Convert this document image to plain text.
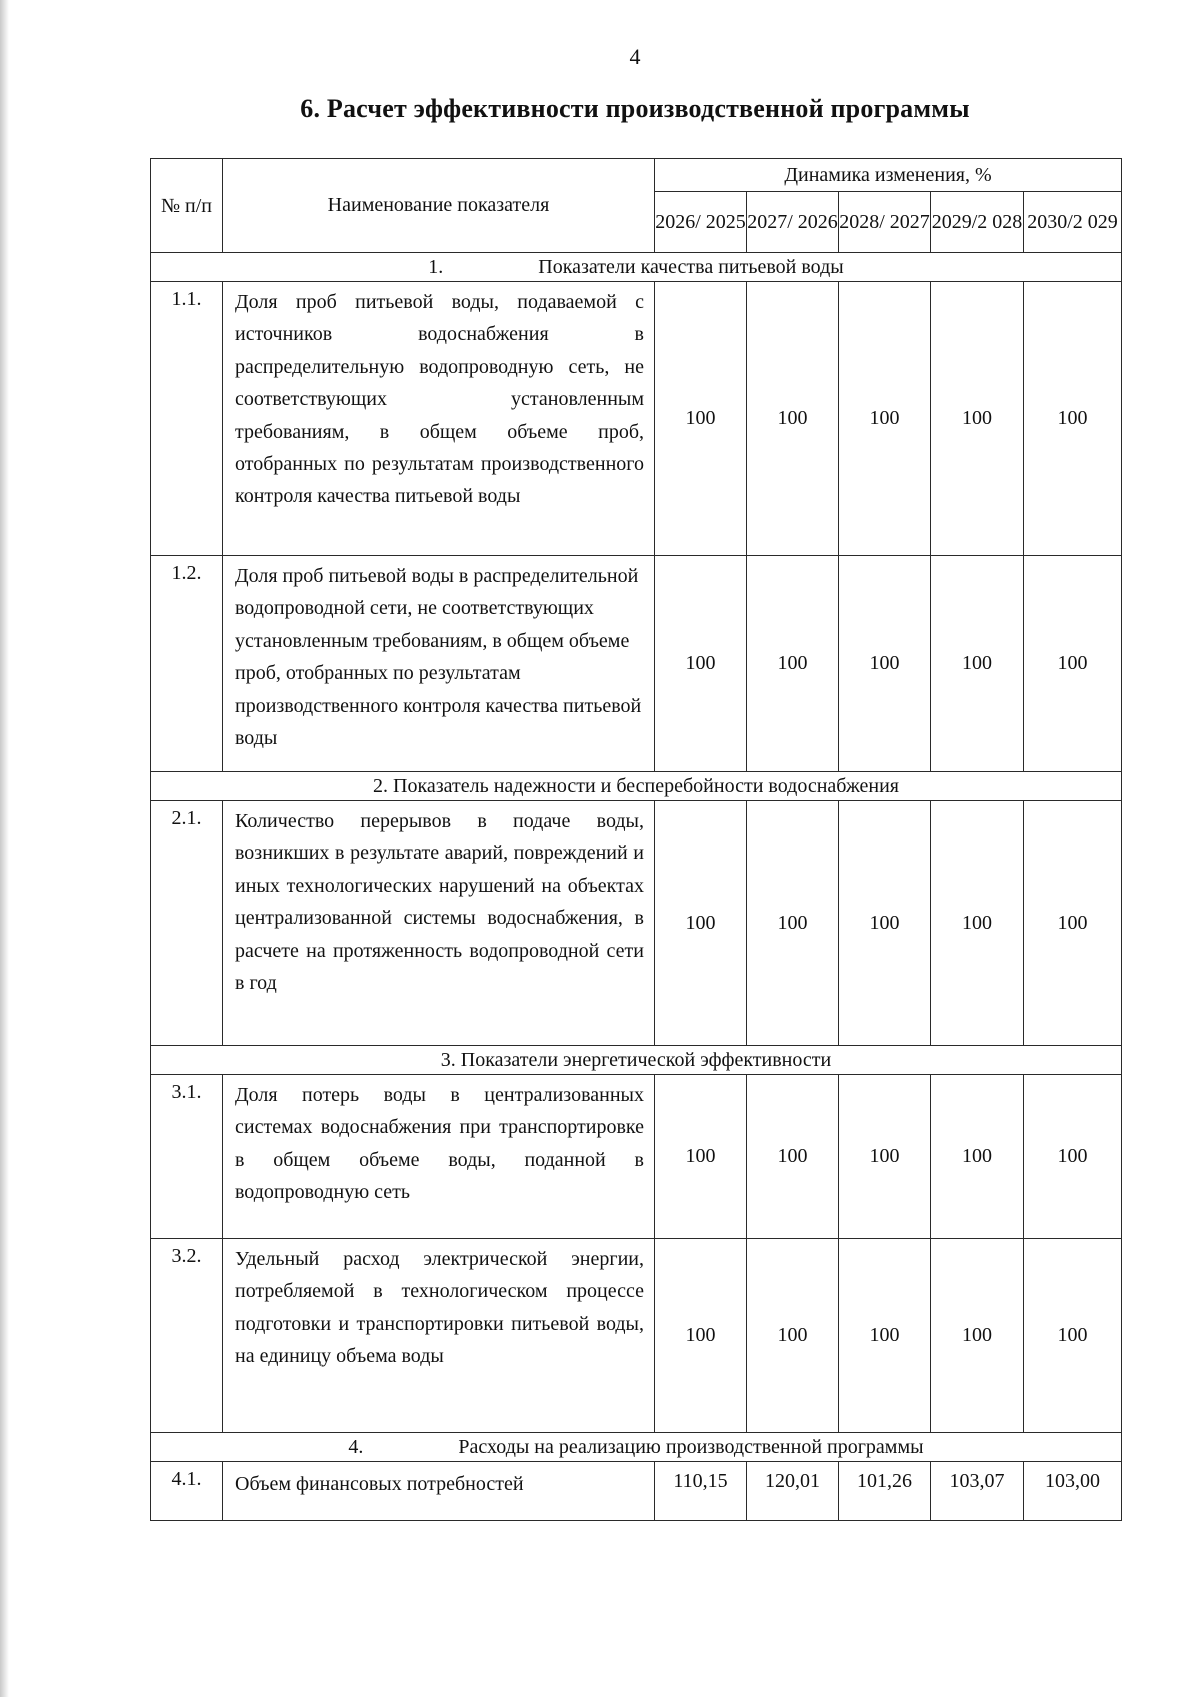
4
6. Расчет эффективности производственной программы
№ п/п	Наименование показателя	Динамика изменения, %				
		2026/ 2025	2027/ 2026	2028/ 2027	2029/2 028	2030/2 029
1. Показатели качества питьевой воды						
1.1.	Доля проб питьевой воды, подаваемой с источников водоснабжения в распределительную водопроводную сеть, не соответствующих установленным требованиям, в общем объеме проб, отобранных по результатам производственного контроля качества питьевой воды	100	100	100	100	100
1.2.	Доля проб питьевой воды в распределительной водопроводной сети, не соответствующих установленным требованиям, в общем объеме проб, отобранных по результатам производственного контроля качества питьевой воды	100	100	100	100	100
2. Показатель надежности и бесперебойности водоснабжения						
2.1.	Количество перерывов в подаче воды, возникших в результате аварий, повреждений и иных технологических нарушений на объектах централизованной системы водоснабжения, в расчете на протяженность водопроводной сети в год	100	100	100	100	100
3. Показатели энергетической эффективности						
3.1.	Доля потерь воды в централизованных системах водоснабжения при транспортировке в общем объеме воды, поданной в водопроводную сеть	100	100	100	100	100
3.2.	Удельный расход электрической энергии, потребляемой в технологическом процессе подготовки и транспортировки питьевой воды, на единицу объема воды	100	100	100	100	100
4. Расходы на реализацию производственной программы						
4.1.	Объем финансовых потребностей	110,15	120,01	101,26	103,07	103,00
